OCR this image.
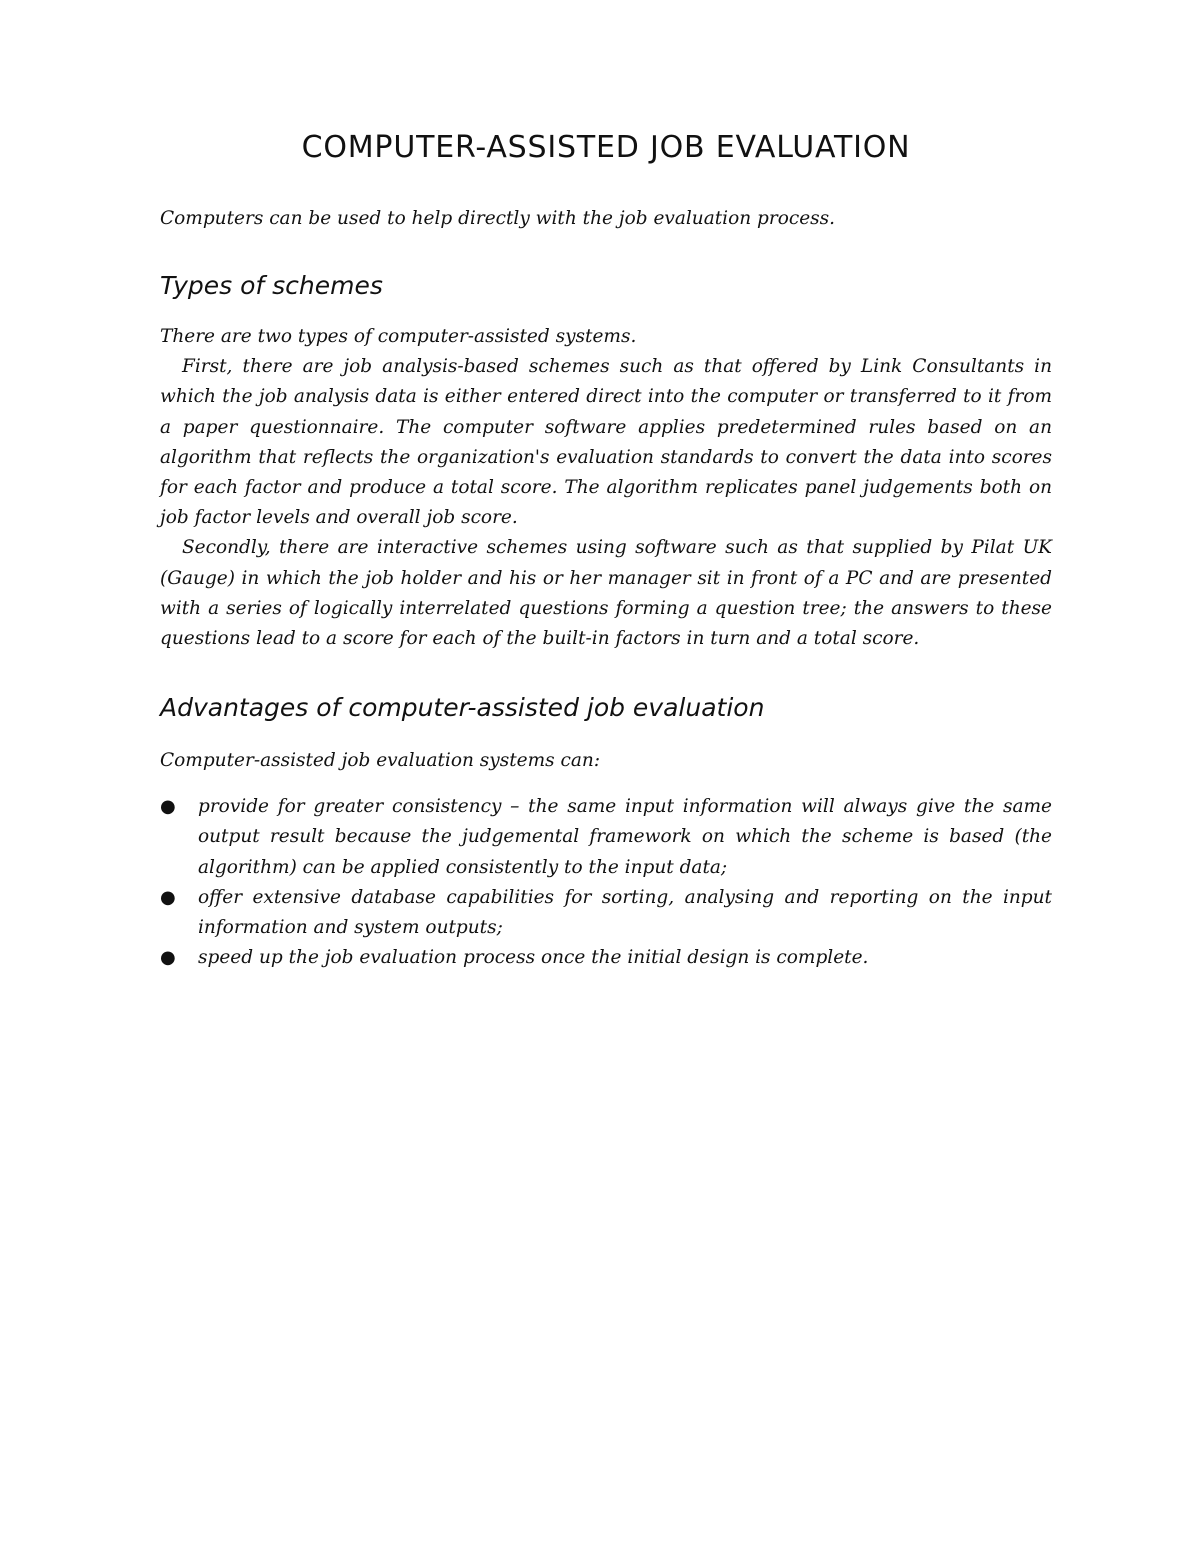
COMPUTER-ASSISTED JOB EVALUATION

Computers can be used to help directly with the job evaluation process.

Types of schemes

There are two types of computer-assisted systems.

First, there are job analysis-based schemes such as that offered by Link Consultants in which the job analysis data is either entered direct into the computer or transferred to it from a paper questionnaire. The computer software applies predetermined rules based on an algorithm that reflects the organization's evaluation standards to convert the data into scores for each factor and produce a total score. The algorithm replicates panel judgements both on job factor levels and overall job score.

Secondly, there are interactive schemes using software such as that supplied by Pilat UK (Gauge) in which the job holder and his or her manager sit in front of a PC and are presented with a series of logically interrelated questions forming a question tree; the answers to these questions lead to a score for each of the built-in factors in turn and a total score.

Advantages of computer-assisted job evaluation

Computer-assisted job evaluation systems can:

●	provide for greater consistency – the same input information will always give the same output result because the judgemental framework on which the scheme is based (the algorithm) can be applied consistently to the input data;
●	offer extensive database capabilities for sorting, analysing and reporting on the input information and system outputs;
●	speed up the job evaluation process once the initial design is complete.
